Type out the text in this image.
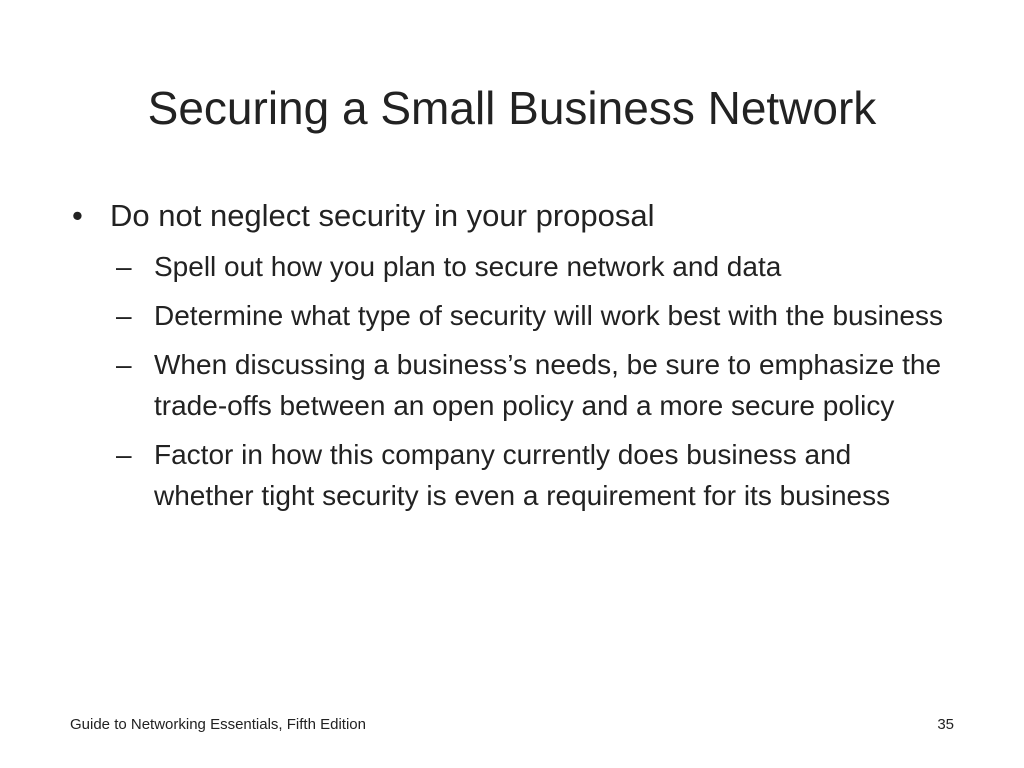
Securing a Small Business Network
• Do not neglect security in your proposal
– Spell out how you plan to secure network and data
– Determine what type of security will work best with the business
– When discussing a business’s needs, be sure to emphasize the trade-offs between an open policy and a more secure policy
– Factor in how this company currently does business and whether tight security is even a requirement for its business
Guide to Networking Essentials, Fifth Edition	35
